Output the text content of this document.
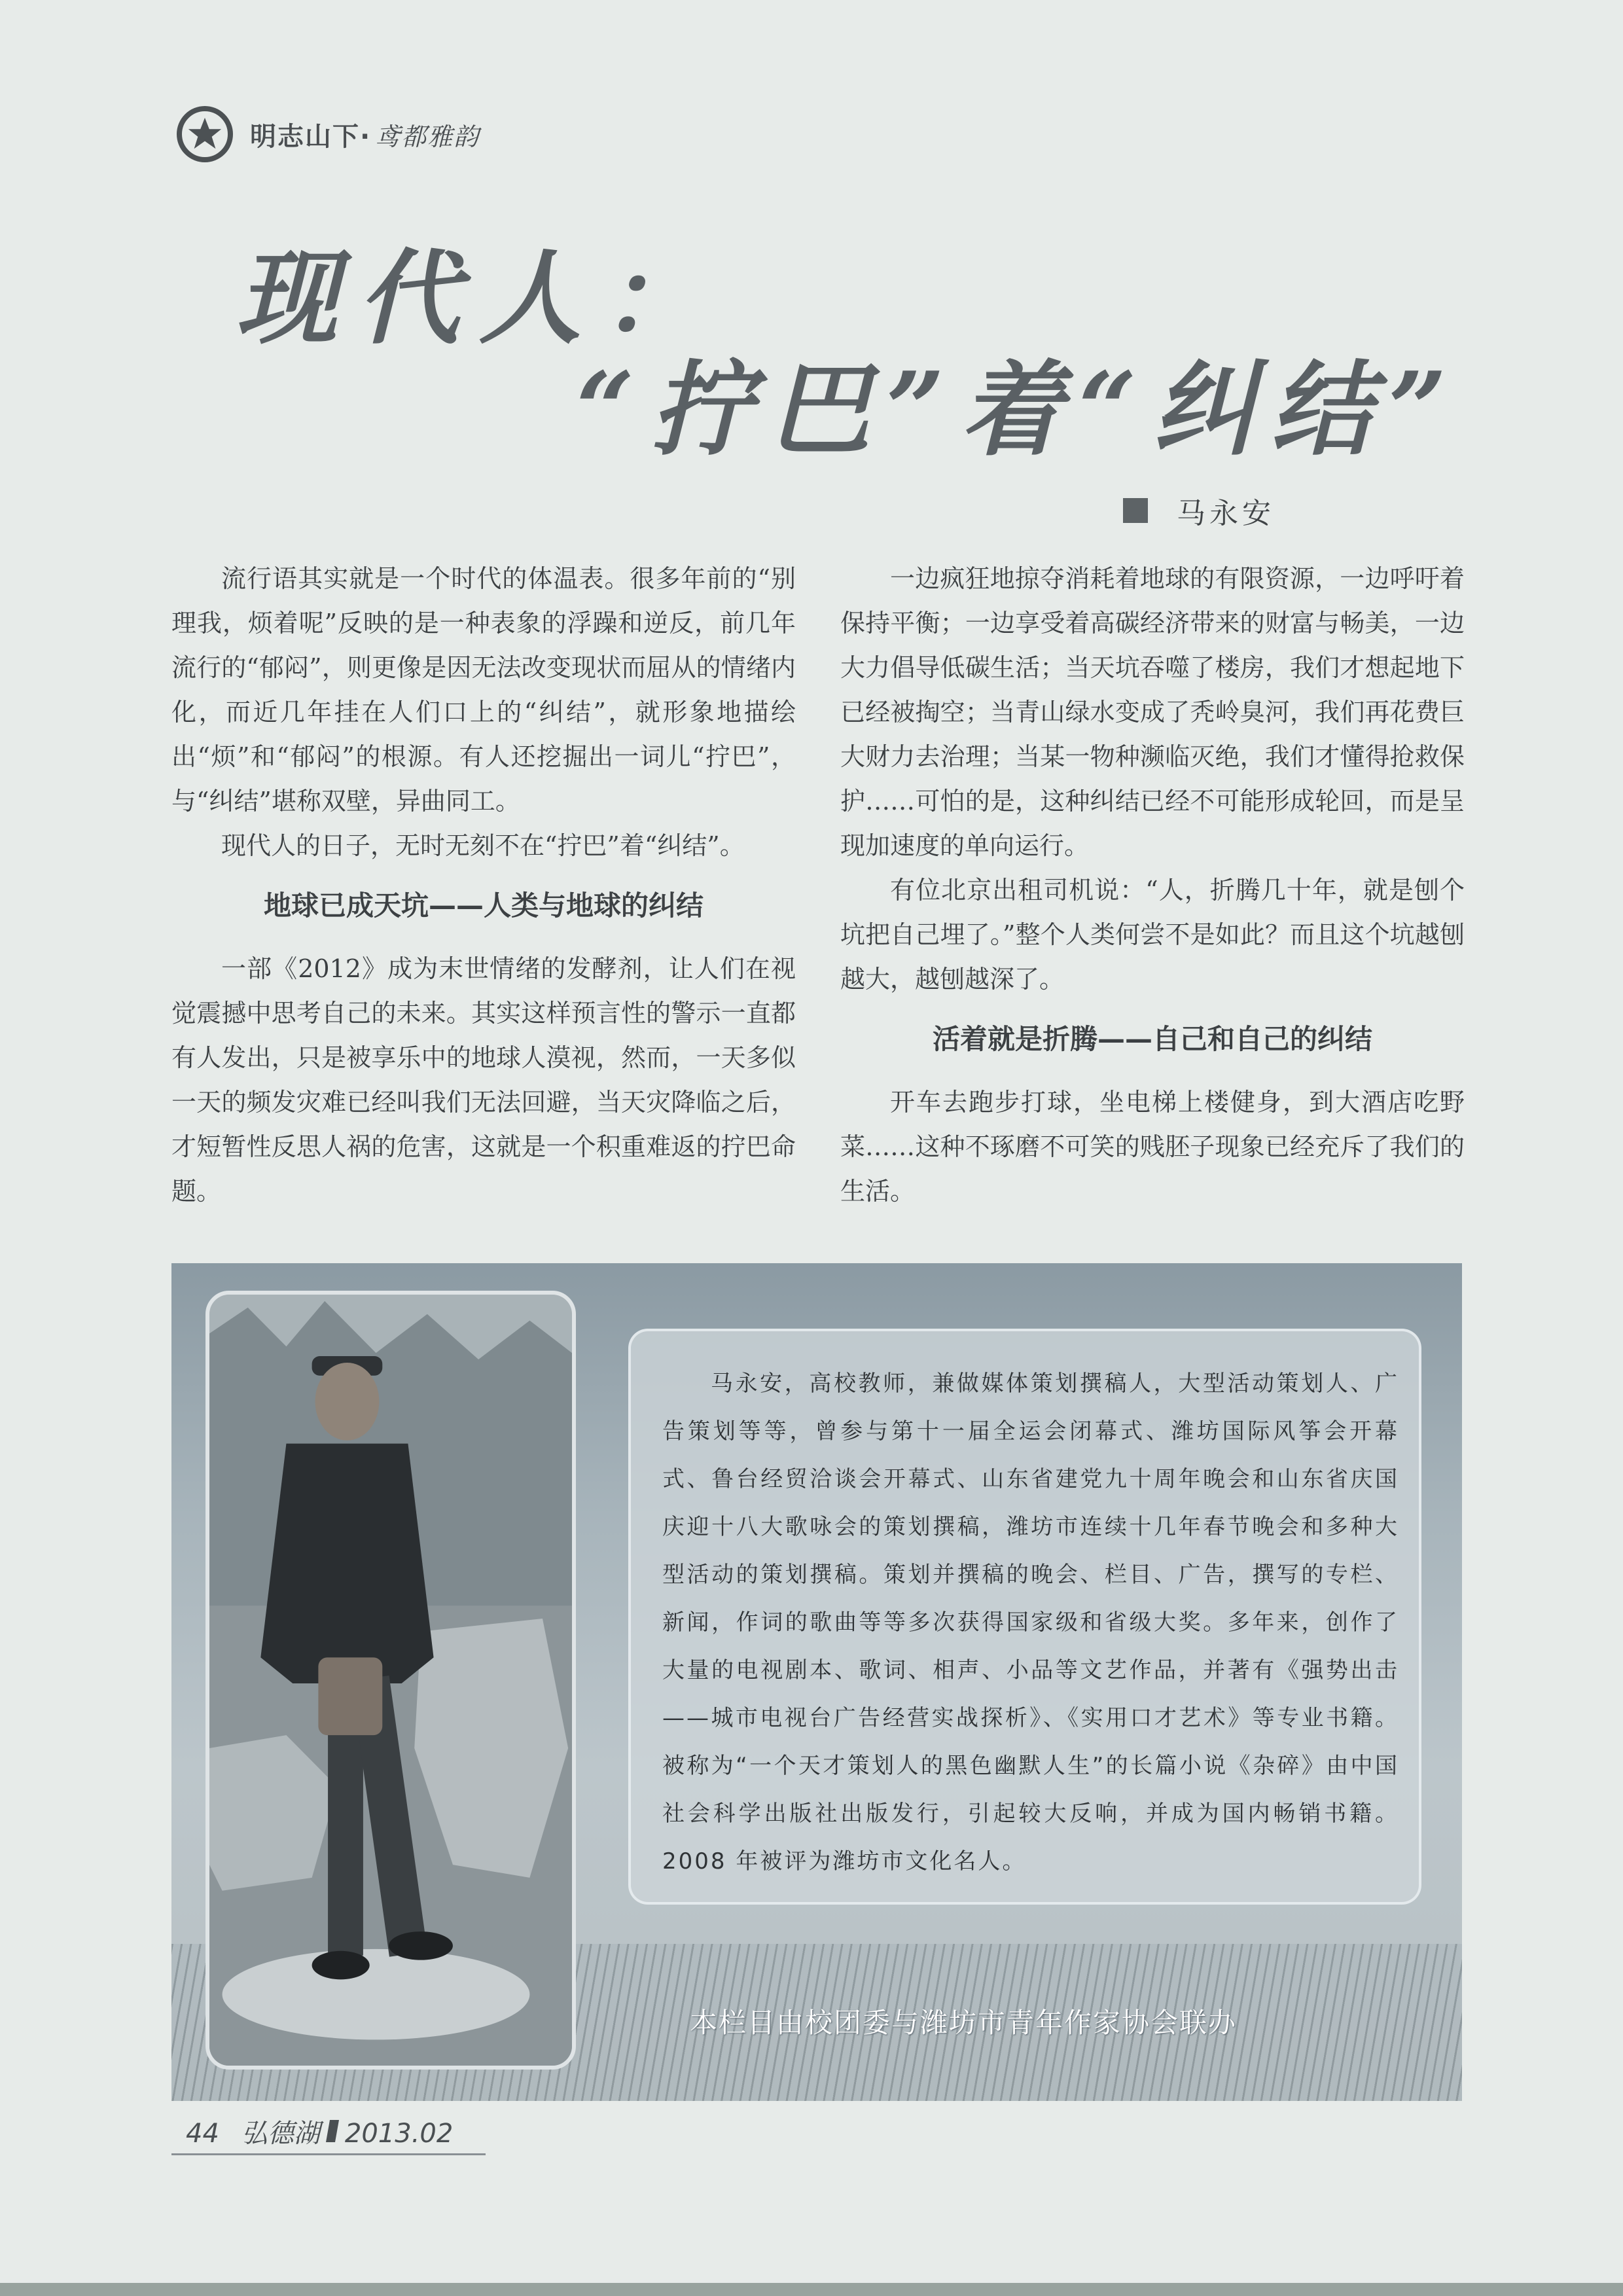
明志山下· 鸢都雅韵
现代人：
“拧巴”着“纠结”
马永安

流行语其实就是一个时代的体温表。很多年前的“别理我，烦着呢”反映的是一种表象的浮躁和逆反，前几年流行的“郁闷”，则更像是因无法改变现状而屈从的情绪内化，而近几年挂在人们口上的“纠结”，就形象地描绘出“烦”和“郁闷”的根源。有人还挖掘出一词儿“拧巴”，与“纠结”堪称双壁，异曲同工。

现代人的日子，无时无刻不在“拧巴”着“纠结”。

地球已成天坑——人类与地球的纠结

一部《2012》成为末世情绪的发酵剂，让人们在视觉震撼中思考自己的未来。其实这样预言性的警示一直都有人发出，只是被享乐中的地球人漠视，然而，一天多似一天的频发灾难已经叫我们无法回避，当天灾降临之后，才短暂性反思人祸的危害，这就是一个积重难返的拧巴命题。

一边疯狂地掠夺消耗着地球的有限资源，一边呼吁着保持平衡；一边享受着高碳经济带来的财富与畅美，一边大力倡导低碳生活；当天坑吞噬了楼房，我们才想起地下已经被掏空；当青山绿水变成了秃岭臭河，我们再花费巨大财力去治理；当某一物种濒临灭绝，我们才懂得抢救保护……可怕的是，这种纠结已经不可能形成轮回，而是呈现加速度的单向运行。

有位北京出租司机说：“人，折腾几十年，就是刨个坑把自己埋了。”整个人类何尝不是如此？而且这个坑越刨越大，越刨越深了。

活着就是折腾——自己和自己的纠结

开车去跑步打球，坐电梯上楼健身，到大酒店吃野菜……这种不琢磨不可笑的贱胚子现象已经充斥了我们的生活。

马永安，高校教师，兼做媒体策划撰稿人，大型活动策划人、广告策划等等，曾参与第十一届全运会闭幕式、潍坊国际风筝会开幕式、鲁台经贸洽谈会开幕式、山东省建党九十周年晚会和山东省庆国庆迎十八大歌咏会的策划撰稿，潍坊市连续十几年春节晚会和多种大型活动的策划撰稿。策划并撰稿的晚会、栏目、广告，撰写的专栏、新闻，作词的歌曲等等多次获得国家级和省级大奖。多年来，创作了大量的电视剧本、歌词、相声、小品等文艺作品，并著有《强势出击——城市电视台广告经营实战探析》、《实用口才艺术》等专业书籍。被称为“一个天才策划人的黑色幽默人生”的长篇小说《杂碎》由中国社会科学出版社出版发行，引起较大反响，并成为国内畅销书籍。2008 年被评为潍坊市文化名人。
本栏目由校团委与潍坊市青年作家协会联办
44 弘德湖 2013.02
